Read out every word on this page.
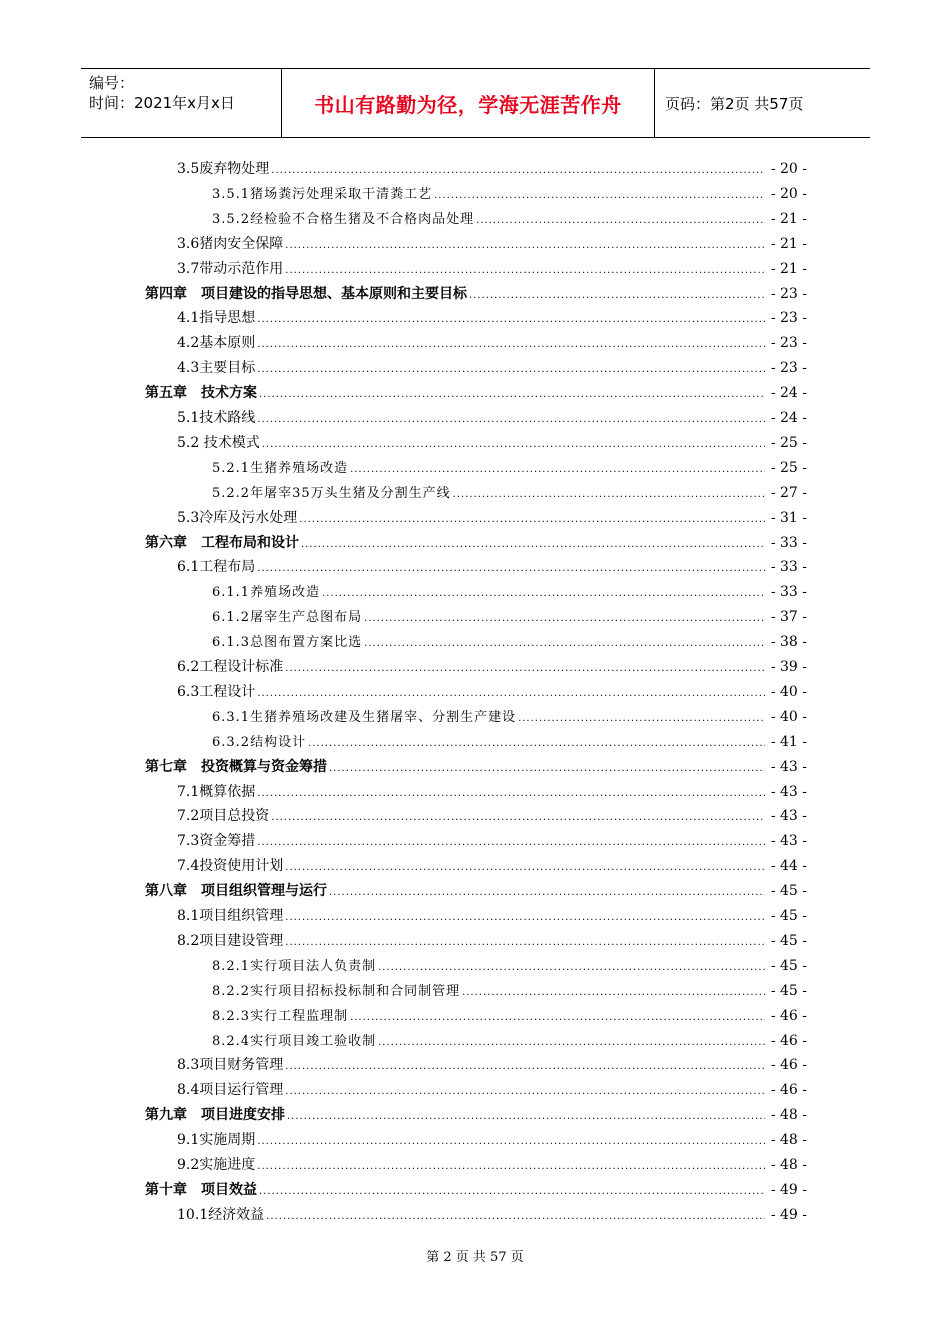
编号：
时间：2021年x月x日	书山有路勤为径，学海无涯苦作舟	页码：第2页 共57页
3.5废弃物处理 .....	- 20 -
3.5.1猪场粪污处理采取干清粪工艺 .....	- 20 -
3.5.2经检验不合格生猪及不合格肉品处理 .....	- 21 -
3.6猪肉安全保障 .....	- 21 -
3.7带动示范作用 .....	- 21 -
第四章　项目建设的指导思想、基本原则和主要目标 .....	- 23 -
4.1指导思想 .....	- 23 -
4.2基本原则 .....	- 23 -
4.3主要目标 .....	- 23 -
第五章　技术方案 .....	- 24 -
5.1技术路线 .....	- 24 -
5.2 技术模式 .....	- 25 -
5.2.1生猪养殖场改造 .....	- 25 -
5.2.2年屠宰35万头生猪及分割生产线 .....	- 27 -
5.3冷库及污水处理 .....	- 31 -
第六章　工程布局和设计 .....	- 33 -
6.1工程布局 .....	- 33 -
6.1.1养殖场改造 .....	- 33 -
6.1.2屠宰生产总图布局 .....	- 37 -
6.1.3总图布置方案比选 .....	- 38 -
6.2工程设计标准 .....	- 39 -
6.3工程设计 .....	- 40 -
6.3.1生猪养殖场改建及生猪屠宰、分割生产建设 .....	- 40 -
6.3.2结构设计 .....	- 41 -
第七章　投资概算与资金筹措 .....	- 43 -
7.1概算依据 .....	- 43 -
7.2项目总投资 .....	- 43 -
7.3资金筹措 .....	- 43 -
7.4投资使用计划 .....	- 44 -
第八章　项目组织管理与运行 .....	- 45 -
8.1项目组织管理 .....	- 45 -
8.2项目建设管理 .....	- 45 -
8.2.1实行项目法人负责制 .....	- 45 -
8.2.2实行项目招标投标制和合同制管理 .....	- 45 -
8.2.3实行工程监理制 .....	- 46 -
8.2.4实行项目竣工验收制 .....	- 46 -
8.3项目财务管理 .....	- 46 -
8.4项目运行管理 .....	- 46 -
第九章　项目进度安排 .....	- 48 -
9.1实施周期 .....	- 48 -
9.2实施进度 .....	- 48 -
第十章　项目效益 .....	- 49 -
10.1经济效益 .....	- 49 -
第 2 页 共 57 页
